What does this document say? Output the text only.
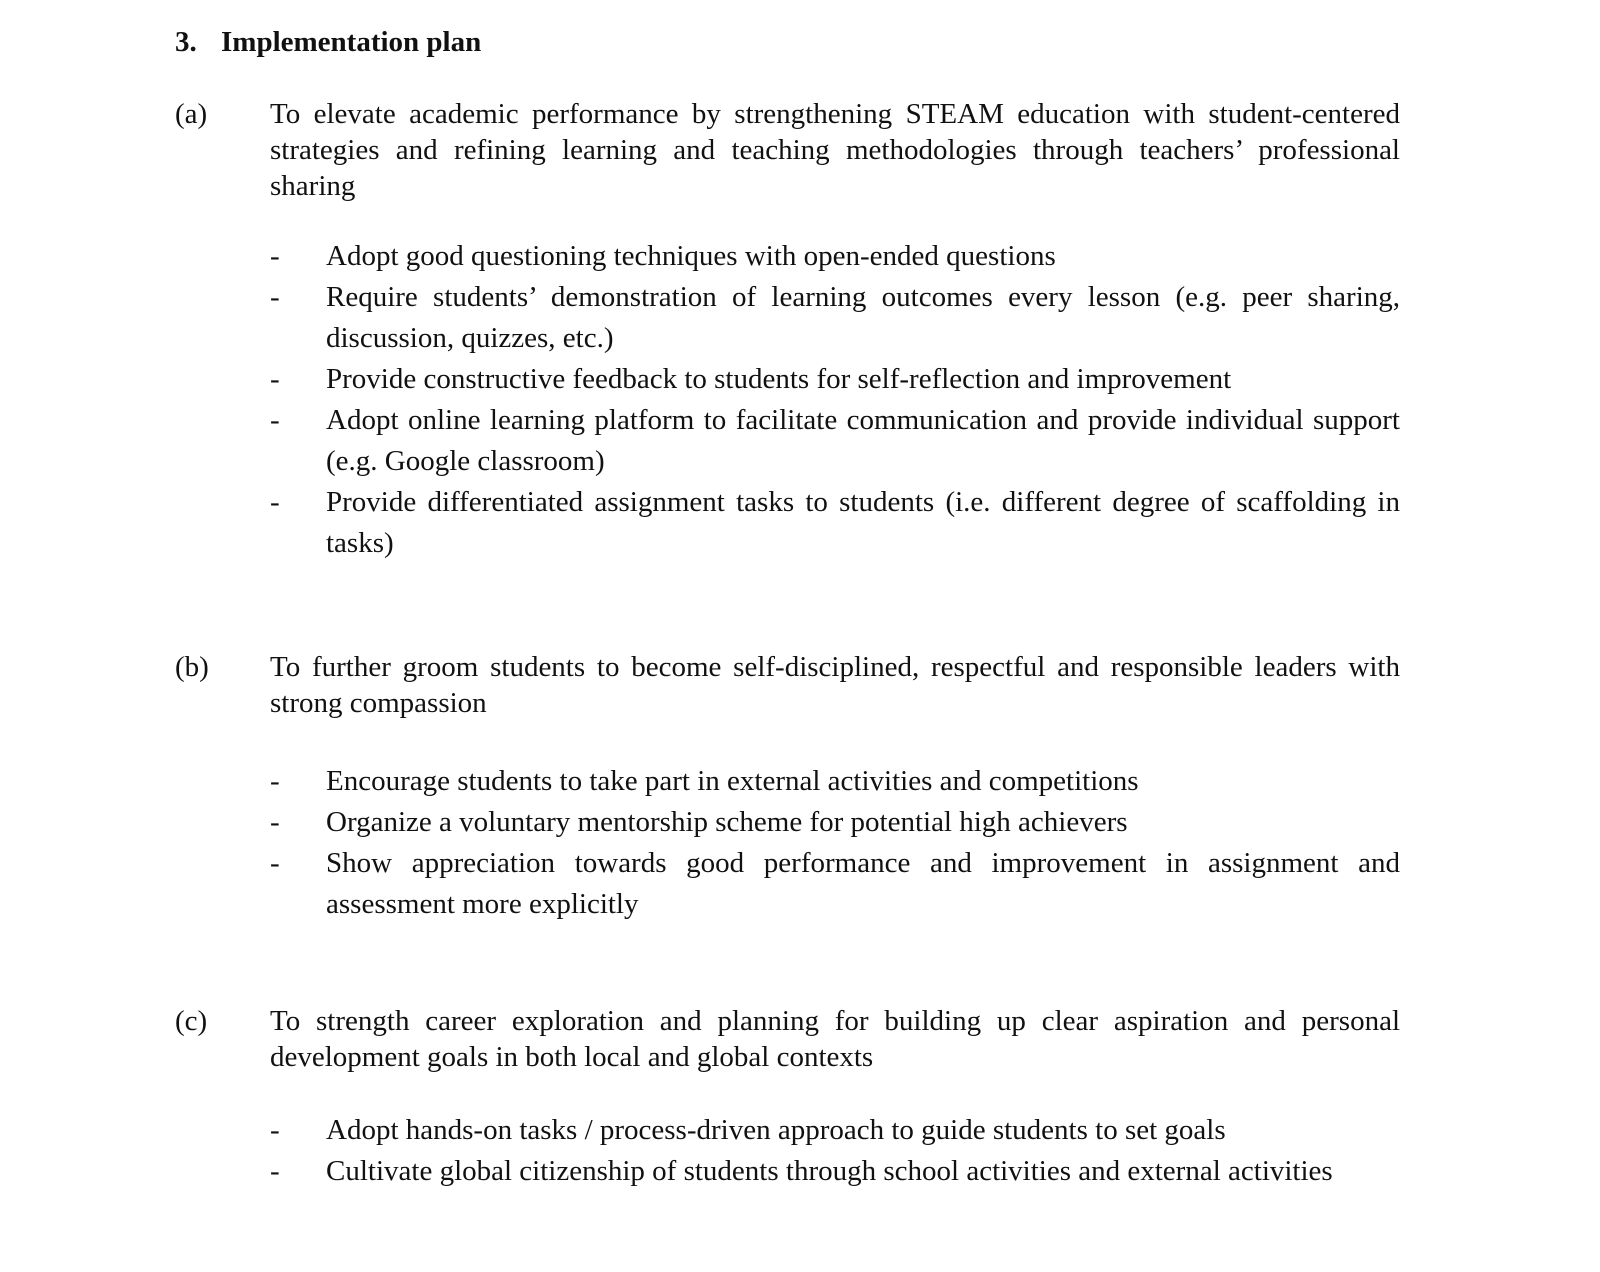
3. Implementation plan
(a) To elevate academic performance by strengthening STEAM education with student-centered strategies and refining learning and teaching methodologies through teachers’ professional sharing
- Adopt good questioning techniques with open-ended questions
- Require students’ demonstration of learning outcomes every lesson (e.g. peer sharing, discussion, quizzes, etc.)
- Provide constructive feedback to students for self-reflection and improvement
- Adopt online learning platform to facilitate communication and provide individual support (e.g. Google classroom)
- Provide differentiated assignment tasks to students (i.e. different degree of scaffolding in tasks)
(b) To further groom students to become self-disciplined, respectful and responsible leaders with strong compassion
- Encourage students to take part in external activities and competitions
- Organize a voluntary mentorship scheme for potential high achievers
- Show appreciation towards good performance and improvement in assignment and assessment more explicitly
(c) To strength career exploration and planning for building up clear aspiration and personal development goals in both local and global contexts
- Adopt hands-on tasks / process-driven approach to guide students to set goals
- Cultivate global citizenship of students through school activities and external activities
